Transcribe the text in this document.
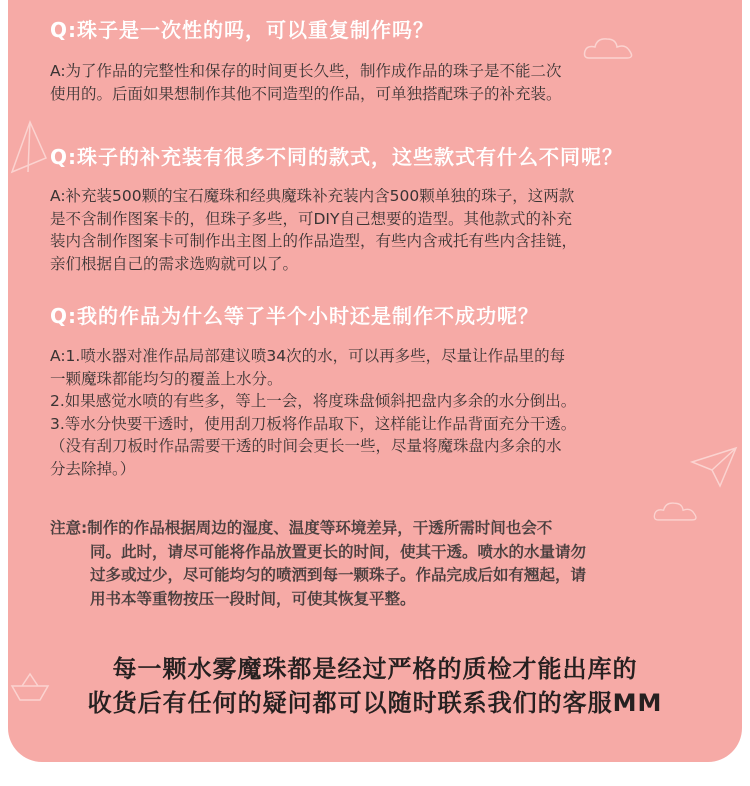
Q:珠子是一次性的吗，可以重复制作吗？

A:为了作品的完整性和保存的时间更长久些，制作成作品的珠子是不能二次

使用的。后面如果想制作其他不同造型的作品，可单独搭配珠子的补充装。

Q:珠子的补充装有很多不同的款式，这些款式有什么不同呢？

A:补充装500颗的宝石魔珠和经典魔珠补充装内含500颗单独的珠子，这两款

是不含制作图案卡的，但珠子多些，可DIY自己想要的造型。其他款式的补充

装内含制作图案卡可制作出主图上的作品造型，有些内含戒托有些内含挂链，

亲们根据自己的需求选购就可以了。

Q:我的作品为什么等了半个小时还是制作不成功呢？

A:1.喷水器对准作品局部建议喷34次的水，可以再多些，尽量让作品里的每

一颗魔珠都能均匀的覆盖上水分。

2.如果感觉水喷的有些多，等上一会，将度珠盘倾斜把盘内多余的水分倒出。

3.等水分快要干透时，使用刮刀板将作品取下，这样能让作品背面充分干透。

（没有刮刀板时作品需要干透的时间会更长一些，尽量将魔珠盘内多余的水

分去除掉。）

注意:制作的作品根据周边的湿度、温度等环境差异，干透所需时间也会不

同。此时，请尽可能将作品放置更长的时间，使其干透。喷水的水量请勿

过多或过少，尽可能均匀的喷洒到每一颗珠子。作品完成后如有翘起，请

用书本等重物按压一段时间，可使其恢复平整。

每一颗水雾魔珠都是经过严格的质检才能出库的

收货后有任何的疑问都可以随时联系我们的客服MM
